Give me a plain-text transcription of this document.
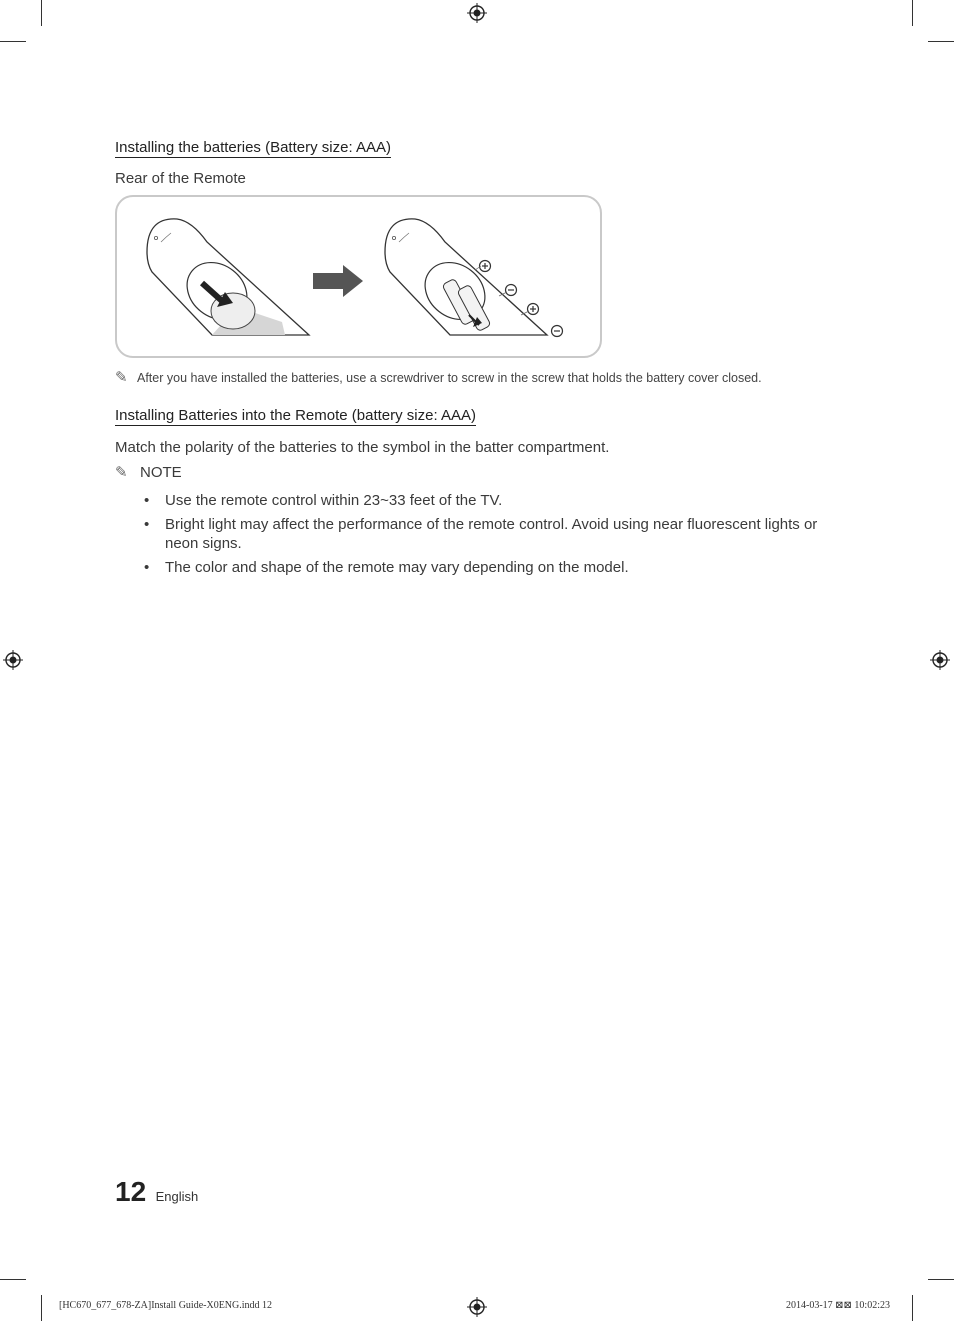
Installing the batteries (Battery size: AAA)
Rear of the Remote
✎ After you have installed the batteries, use a screwdriver to screw in the screw that holds the battery cover closed.
Installing Batteries into the Remote (battery size: AAA)
Match the polarity of the batteries to the symbol in the batter compartment.
✎ NOTE
• Use the remote control within 23~33 feet of the TV.
• Bright light may affect the performance of the remote control. Avoid using near fluorescent lights or neon signs.
• The color and shape of the remote may vary depending on the model.
12 English
[HC670_677_678-ZA]Install Guide-X0ENG.indd 12	2014-03-17 ⊠⊠ 10:02:23
